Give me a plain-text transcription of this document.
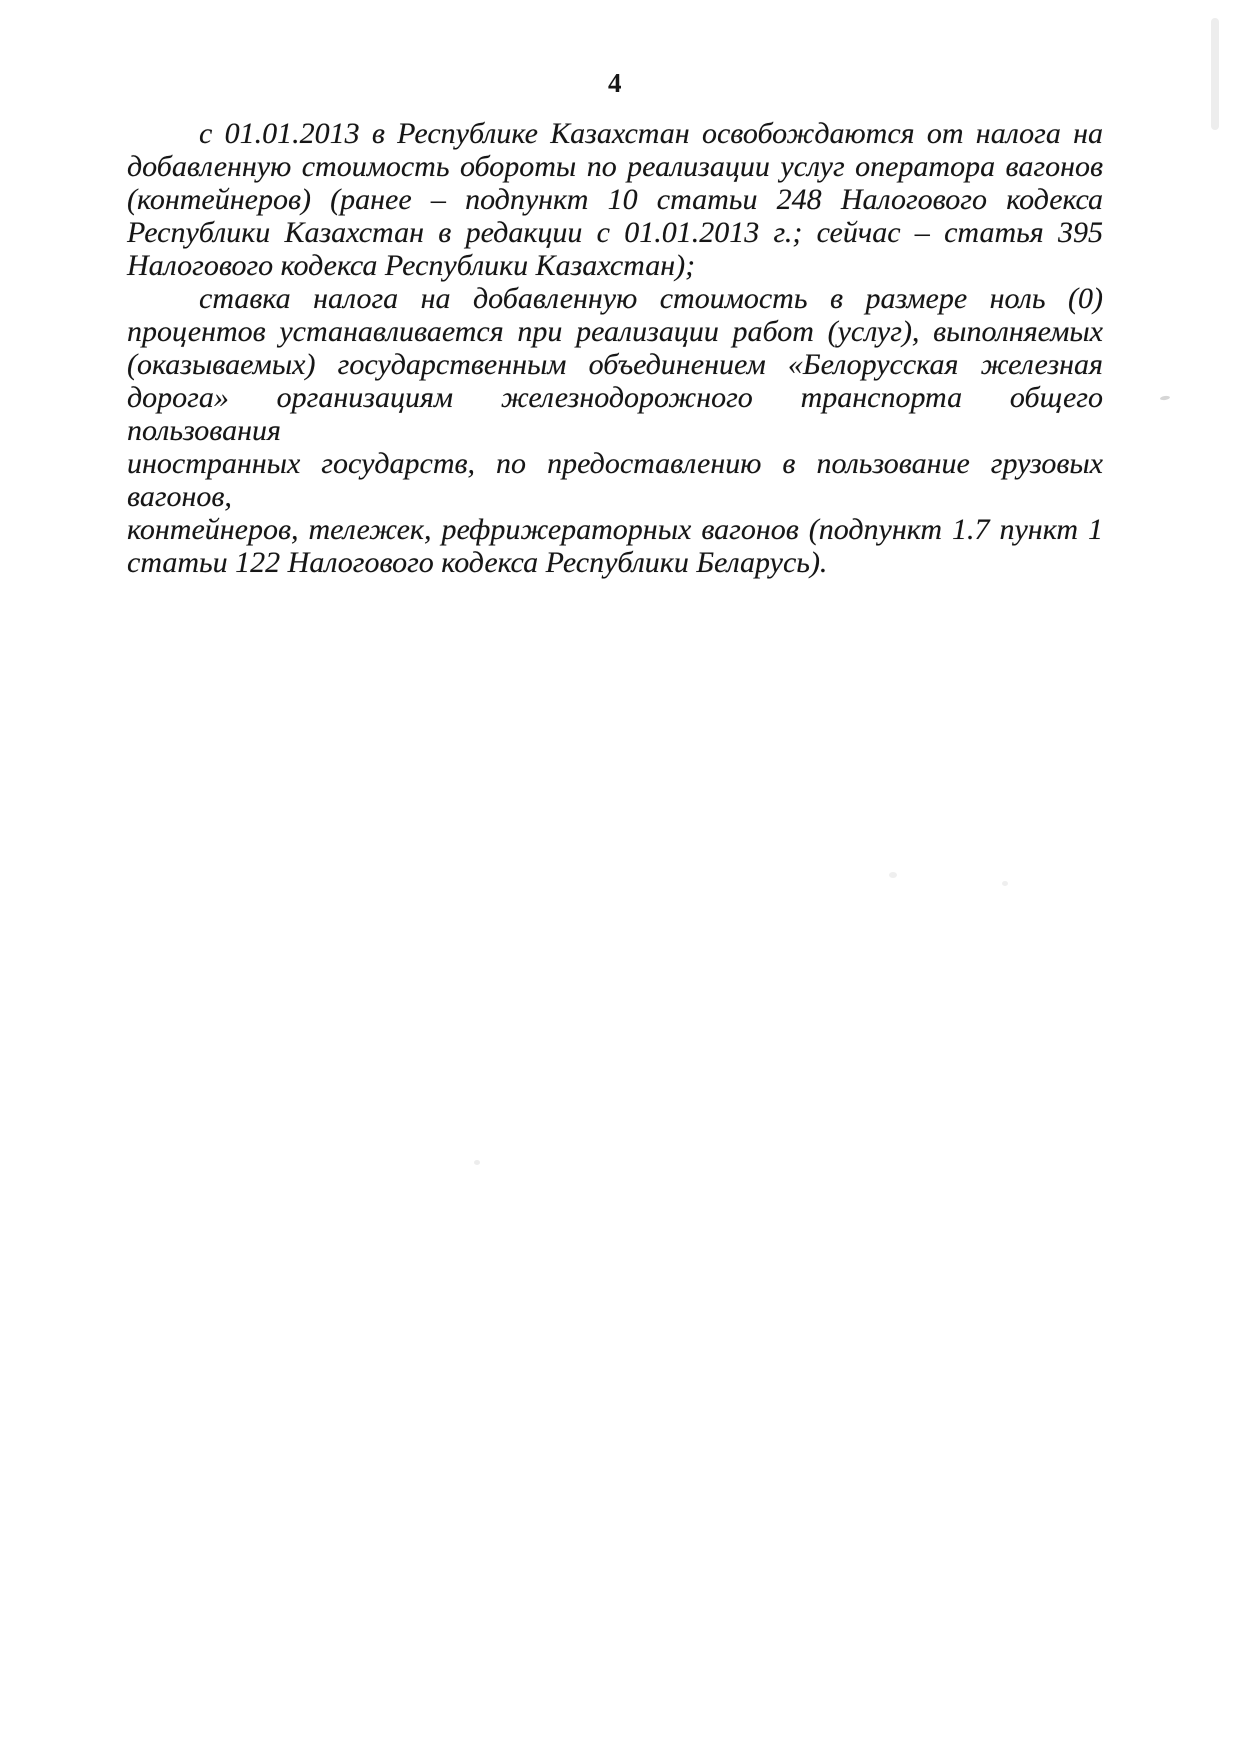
4
с 01.01.2013 в Республике Казахстан освобождаются от налога на
добавленную стоимость обороты по реализации услуг оператора вагонов
(контейнеров) (ранее – подпункт 10 статьи 248 Налогового кодекса
Республики Казахстан в редакции с 01.01.2013 г.; сейчас – статья 395
Налогового кодекса Республики Казахстан);
ставка налога на добавленную стоимость в размере ноль (0)
процентов устанавливается при реализации работ (услуг), выполняемых
(оказываемых) государственным объединением «Белорусская железная
дорога» организациям железнодорожного транспорта общего пользования
иностранных государств, по предоставлению в пользование грузовых вагонов,
контейнеров, тележек, рефрижераторных вагонов (подпункт 1.7 пункт 1
статьи 122 Налогового кодекса Республики Беларусь).
